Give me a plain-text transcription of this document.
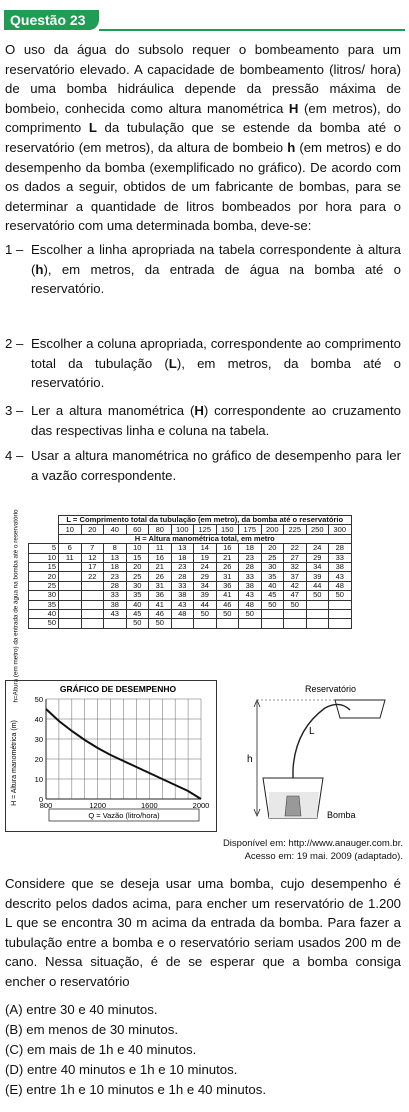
Questão 23
O uso da água do subsolo requer o bombeamento para um reservatório elevado. A capacidade de bombeamento (litros/ hora) de uma bomba hidráulica depende da pressão máxima de bombeio, conhecida como altura manométrica H (em metros), do comprimento L da tubulação que se estende da bomba até o reservatório (em metros), da altura de bombeio h (em metros) e do desempenho da bomba (exemplificado no gráfico). De acordo com os dados a seguir, obtidos de um fabricante de bombas, para se determinar a quantidade de litros bombeados por hora para o reservatório com uma determinada bomba, deve-se:
1 – Escolher a linha apropriada na tabela correspondente à altura (h), em metros, da entrada de água na bomba até o reservatório.
2 – Escolher a coluna apropriada, correspondente ao comprimento total da tubulação (L), em metros, da bomba até o reservatório.
3 – Ler a altura manométrica (H) correspondente ao cruzamento das respectivas linha e coluna na tabela.
4 – Usar a altura manométrica no gráfico de desempenho para ler a vazão correspondente.
h=Altura (em metro) da entrada de água na bomba até o reservatório
			L = Comprimento total da tubulação (em metro), da bomba até o reservatório												
		10	20	40	60	80	100	125	150	175	200	225	250	300
		H = Altura manométrica total, em metro												
	5	6	7	8	10	11	13	14	16	18	20	22	24	28
	10	11	12	13	15	16	18	19	21	23	25	27	29	33
	15		17	18	20	21	23	24	26	28	30	32	34	38
	20		22	23	25	26	28	29	31	33	35	37	39	43
	25			28	30	31	33	34	36	38	40	42	44	48
	30			33	35	36	38	39	41	43	45	47	50	50
	35			38	40	41	43	44	46	48	50	50		
	40			43	45	46	48	50	50	50				
	50				50	50								
GRÁFICO DE DESEMPENHO
H = Altura manométrica (m)
Q = Vazão (litro/hora)
0
10
20
30
40
50
800	1200	1600	2000
Reservatório
L
h
Bomba
Disponível em: http://www.anauger.com.br.
Acesso em: 19 mai. 2009 (adaptado).
Considere que se deseja usar uma bomba, cujo desempenho é descrito pelos dados acima, para encher um reservatório de 1.200 L que se encontra 30 m acima da entrada da bomba. Para fazer a tubulação entre a bomba e o reservatório seriam usados 200 m de cano. Nessa situação, é de se esperar que a bomba consiga encher o reservatório
(A) entre 30 e 40 minutos.
(B) em menos de 30 minutos.
(C) em mais de 1h e 40 minutos.
(D) entre 40 minutos e 1h e 10 minutos.
(E) entre 1h e 10 minutos e 1h e 40 minutos.
